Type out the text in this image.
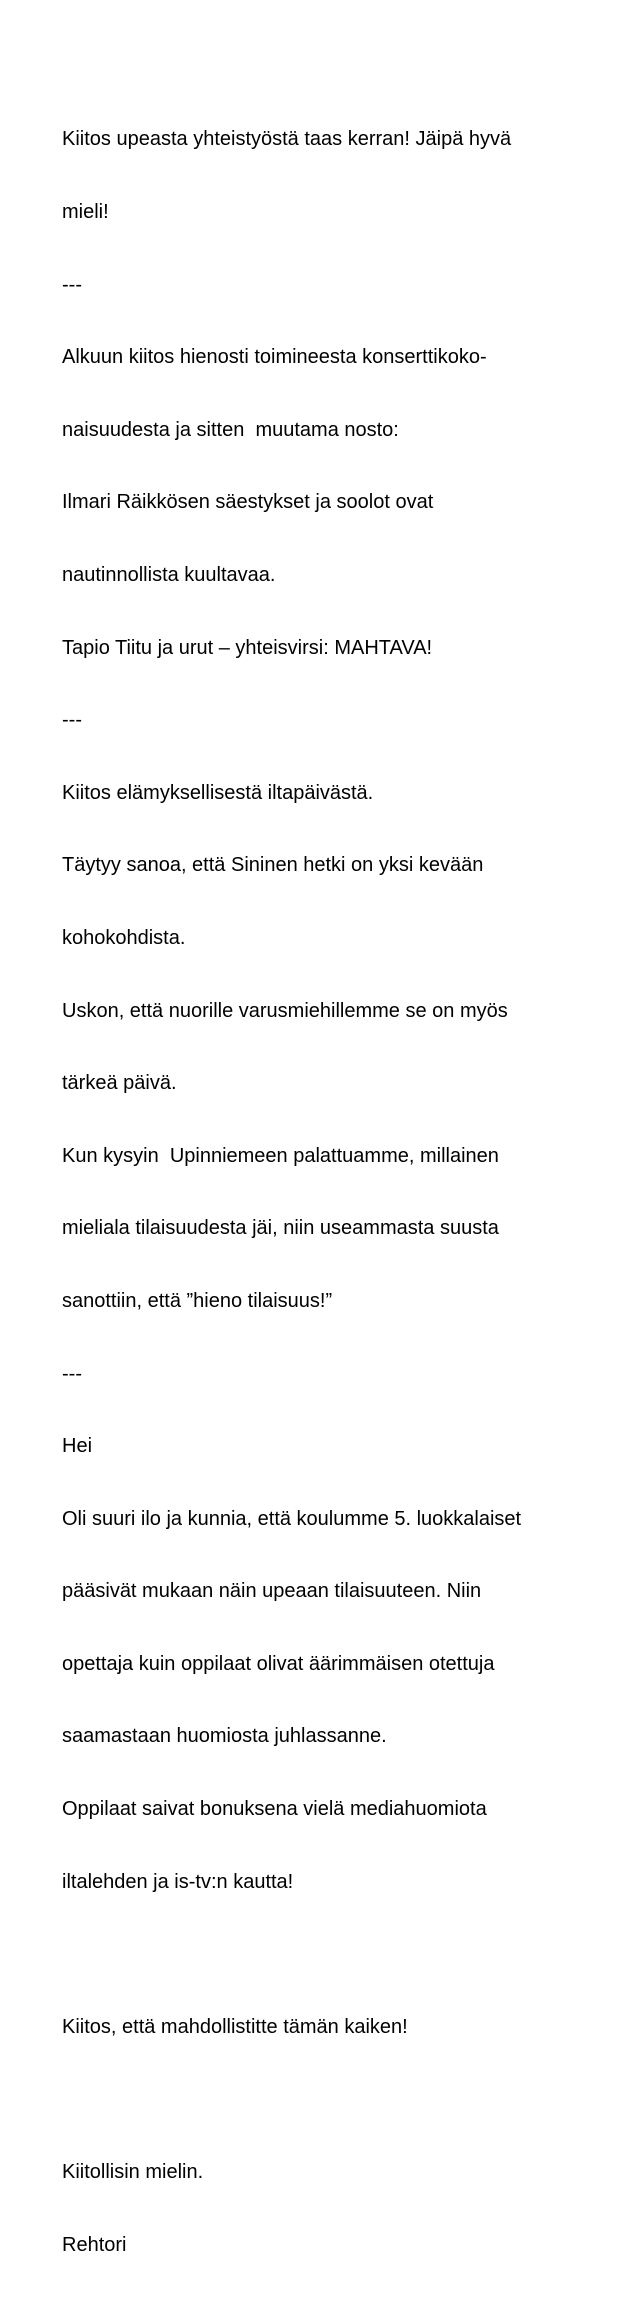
Kiitos upeasta yhteistyöstä taas kerran! Jäipä hyvä

mieli!

---

Alkuun kiitos hienosti toimineesta konserttikoko-

naisuudesta ja sitten  muutama nosto:

Ilmari Räikkösen säestykset ja soolot ovat

nautinnollista kuultavaa.

Tapio Tiitu ja urut – yhteisvirsi: MAHTAVA!

---

Kiitos elämyksellisestä iltapäivästä.

Täytyy sanoa, että Sininen hetki on yksi kevään

kohokohdista.

Uskon, että nuorille varusmiehillemme se on myös

tärkeä päivä.

Kun kysyin  Upinniemeen palattuamme, millainen

mieliala tilaisuudesta jäi, niin useammasta suusta

sanottiin, että ”hieno tilaisuus!”

---

Hei

Oli suuri ilo ja kunnia, että koulumme 5. luokkalaiset

pääsivät mukaan näin upeaan tilaisuuteen. Niin

opettaja kuin oppilaat olivat äärimmäisen otettuja

saamastaan huomiosta juhlassanne.

Oppilaat saivat bonuksena vielä mediahuomiota

iltalehden ja is-tv:n kautta!

Kiitos, että mahdollistitte tämän kaiken!

Kiitollisin mielin.

Rehtori
